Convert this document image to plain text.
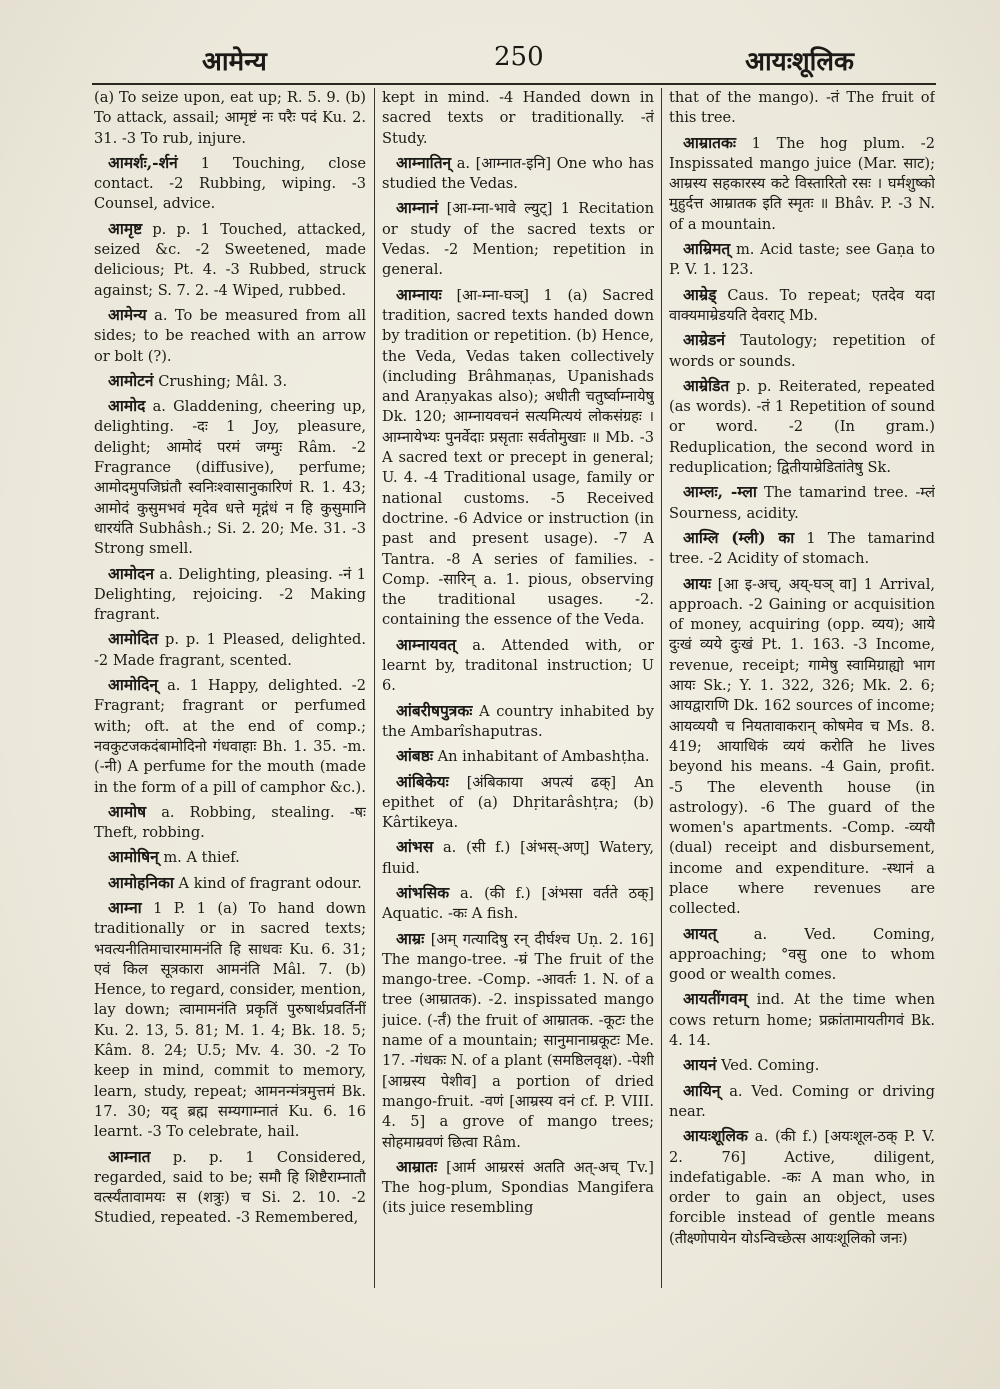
आमेन्य	250	आयःशूलिक

(a) To seize upon, eat up; R. 5. 9. (b) To attack, assail; आमृष्टं नः परैः पदं Ku. 2. 31. -3 To rub, injure.

आमर्शः,-र्शनं 1 Touching, close contact. -2 Rubbing, wiping. -3 Counsel, advice.

आमृष्ट p. p. 1 Touched, attacked, seized &c. -2 Sweetened, made delicious; Pt. 4. -3 Rubbed, struck against; S. 7. 2. -4 Wiped, rubbed.

आमेन्य a. To be measured from all sides; to be reached with an arrow or bolt (?).

आमोटनं Crushing; Mâl. 3.

आमोद a. Gladdening, cheering up, delighting. -दः 1 Joy, pleasure, delight; आमोदं परमं जग्मुः Râm. -2 Fragrance (diffusive), perfume; आमोदमुपजिघ्रंतौ स्वनिःश्वासानुकारिणं R. 1. 43; आमोदं कुसुमभवं मृदेव धत्ते मृद्गंधं न हि कुसुमानि धारयंति Subhâsh.; Si. 2. 20; Me. 31. -3 Strong smell.

आमोदन a. Delighting, pleasing. -नं 1 Delighting, rejoicing. -2 Making fragrant.

आमोदित p. p. 1 Pleased, delighted. -2 Made fragrant, scented.

आमोदिन् a. 1 Happy, delighted. -2 Fragrant; fragrant or perfumed with; oft. at the end of comp.; नवकुटजकदंबामोदिनो गंधवाहाः Bh. 1. 35. -m. (-नी) A perfume for the mouth (made in the form of a pill of camphor &c.).

आमोष a. Robbing, stealing. -षः Theft, robbing.

आमोषिन् m. A thief.

आमोहनिका A kind of fragrant odour.

आम्ना 1 P. 1 (a) To hand down traditionally or in sacred texts; भवत्यनीतिमाचारमामनंति हि साधवः Ku. 6. 31; एवं किल सूत्रकारा आमनंति Mâl. 7. (b) Hence, to regard, consider, mention, lay down; त्वामामनंति प्रकृतिं पुरुषार्थप्रवर्तिनीं Ku. 2. 13, 5. 81; M. 1. 4; Bk. 18. 5; Kâm. 8. 24; U.5; Mv. 4. 30. -2 To keep in mind, commit to memory, learn, study, repeat; आमनन्मंत्रमुत्तमं Bk. 17. 30; यद् ब्रह्म सम्यगाम्नातं Ku. 6. 16 learnt. -3 To celebrate, hail.

आम्नात p. p. 1 Considered, regarded, said to be; समौ हि शिष्टैराम्नातौ वर्त्स्यंतावामयः स (शत्रुः) च Si. 2. 10. -2 Studied, repeated. -3 Remembered,

kept in mind. -4 Handed down in sacred texts or traditionally. -तं Study.

आम्नातिन् a. [आम्नात-इनि] One who has studied the Vedas.

आम्नानं [आ-म्ना-भावे ल्युट्] 1 Recitation or study of the sacred texts or Vedas. -2 Mention; repetition in general.

आम्नायः [आ-म्ना-घञ्] 1 (a) Sacred tradition, sacred texts handed down by tradition or repetition. (b) Hence, the Veda, Vedas taken collectively (including Brâhmaṇas, Upanishads and Araṇyakas also); अधीती चतुर्ष्वाम्नायेषु Dk. 120; आम्नायवचनं सत्यमित्ययं लोकसंग्रहः । आम्नायेभ्यः पुनर्वेदाः प्रसृताः सर्वतोमुखाः ॥ Mb. -3 A sacred text or precept in general; U. 4. -4 Traditional usage, family or national customs. -5 Received doctrine. -6 Advice or instruction (in past and present usage). -7 A Tantra. -8 A series of families. -Comp. -सारिन् a. 1. pious, observing the traditional usages. -2. containing the essence of the Veda.

आम्नायवत् a. Attended with, or learnt by, traditonal instruction; U 6.

आंबरीषपुत्रकः A country inhabited by the Ambarîshaputras.

आंबष्ठः An inhabitant of Ambashṭha.

आंबिकेयः [अंबिकाया अपत्यं ढक्] An epithet of (a) Dhṛitarâshṭra; (b) Kârtikeya.

आंभस a. (सी f.) [अंभस्-अण्] Watery, fluid.

आंभसिक a. (की f.) [अंभसा वर्तते ठक्] Aquatic. -कः A fish.

आम्रः [अम् गत्यादिषु रन् दीर्घश्च Uṇ. 2. 16] The mango-tree. -म्रं The fruit of the mango-tree. -Comp. -आवर्तः 1. N. of a tree (आम्रातक). -2. inspissated mango juice. (-र्तं) the fruit of आम्रातक. -कूटः the name of a mountain; सानुमानाम्रकूटः Me. 17. -गंधकः N. of a plant (समष्ठिलवृक्ष). -पेशी [आम्रस्य पेशीव] a portion of dried mango-fruit. -वणं [आम्रस्य वनं cf. P. VIII. 4. 5] a grove of mango trees; सोहमाम्रवणं छित्वा Râm.

आम्रातः [आर्म आम्ररसं अतति अत्-अच् Tv.] The hog-plum, Spondias Mangifera (its juice resembling

that of the mango). -तं The fruit of this tree.

आम्रातकः 1 The hog plum. -2 Inspissated mango juice (Mar. साट); आम्रस्य सहकारस्य कटे विस्तारितो रसः । घर्मशुष्को मुहुर्दत्त आम्रातक इति स्मृतः ॥ Bhâv. P. -3 N. of a mountain.

आम्रिमत् m. Acid taste; see Gaṇa to P. V. 1. 123.

आम्रेड् Caus. To repeat; एतदेव यदा वाक्यमाम्रेडयति देवराट् Mb.

आम्रेडनं Tautology; repetition of words or sounds.

आम्रेडित p. p. Reiterated, repeated (as words). -तं 1 Repetition of sound or word. -2 (In gram.) Reduplication, the second word in reduplication; द्वितीयाम्रेडितांतेषु Sk.

आम्लः, -म्ला The tamarind tree. -म्लं Sourness, acidity.

आम्लि (म्ली) का 1 The tamarind tree. -2 Acidity of stomach.

आयः [आ इ-अच्, अय्-घञ् वा] 1 Arrival, approach. -2 Gaining or acquisition of money, acquiring (opp. व्यय); आये दुःखं व्यये दुःखं Pt. 1. 163. -3 Income, revenue, receipt; गामेषु स्वामिग्राह्यो भाग आयः Sk.; Y. 1. 322, 326; Mk. 2. 6; आयद्वाराणि Dk. 162 sources of income; आयव्ययौ च नियतावाकरान् कोषमेव च Ms. 8. 419; आयाधिकं व्ययं करोति he lives beyond his means. -4 Gain, profit. -5 The eleventh house (in astrology). -6 The guard of the women's apartments. -Comp. -व्ययौ (dual) receipt and disbursement, income and expenditure. -स्थानं a place where revenues are collected.

आयत्	a. Ved. Coming, approaching; °वसु one to whom good or wealth comes.

आयतींगवम् ind. At the time when cows return home; प्रक्रांतामायतीगवं Bk. 4. 14.

आयनं Ved. Coming.

आयिन् a. Ved. Coming or driving near.

आयःशूलिक a. (की f.) [अयःशूल-ठक् P. V. 2. 76] Active, diligent, indefatigable. -कः A man who, in order to gain an object, uses forcible instead of gentle means (तीक्ष्णोपायेन योऽन्विच्छेत्स आयःशूलिको जनः)
